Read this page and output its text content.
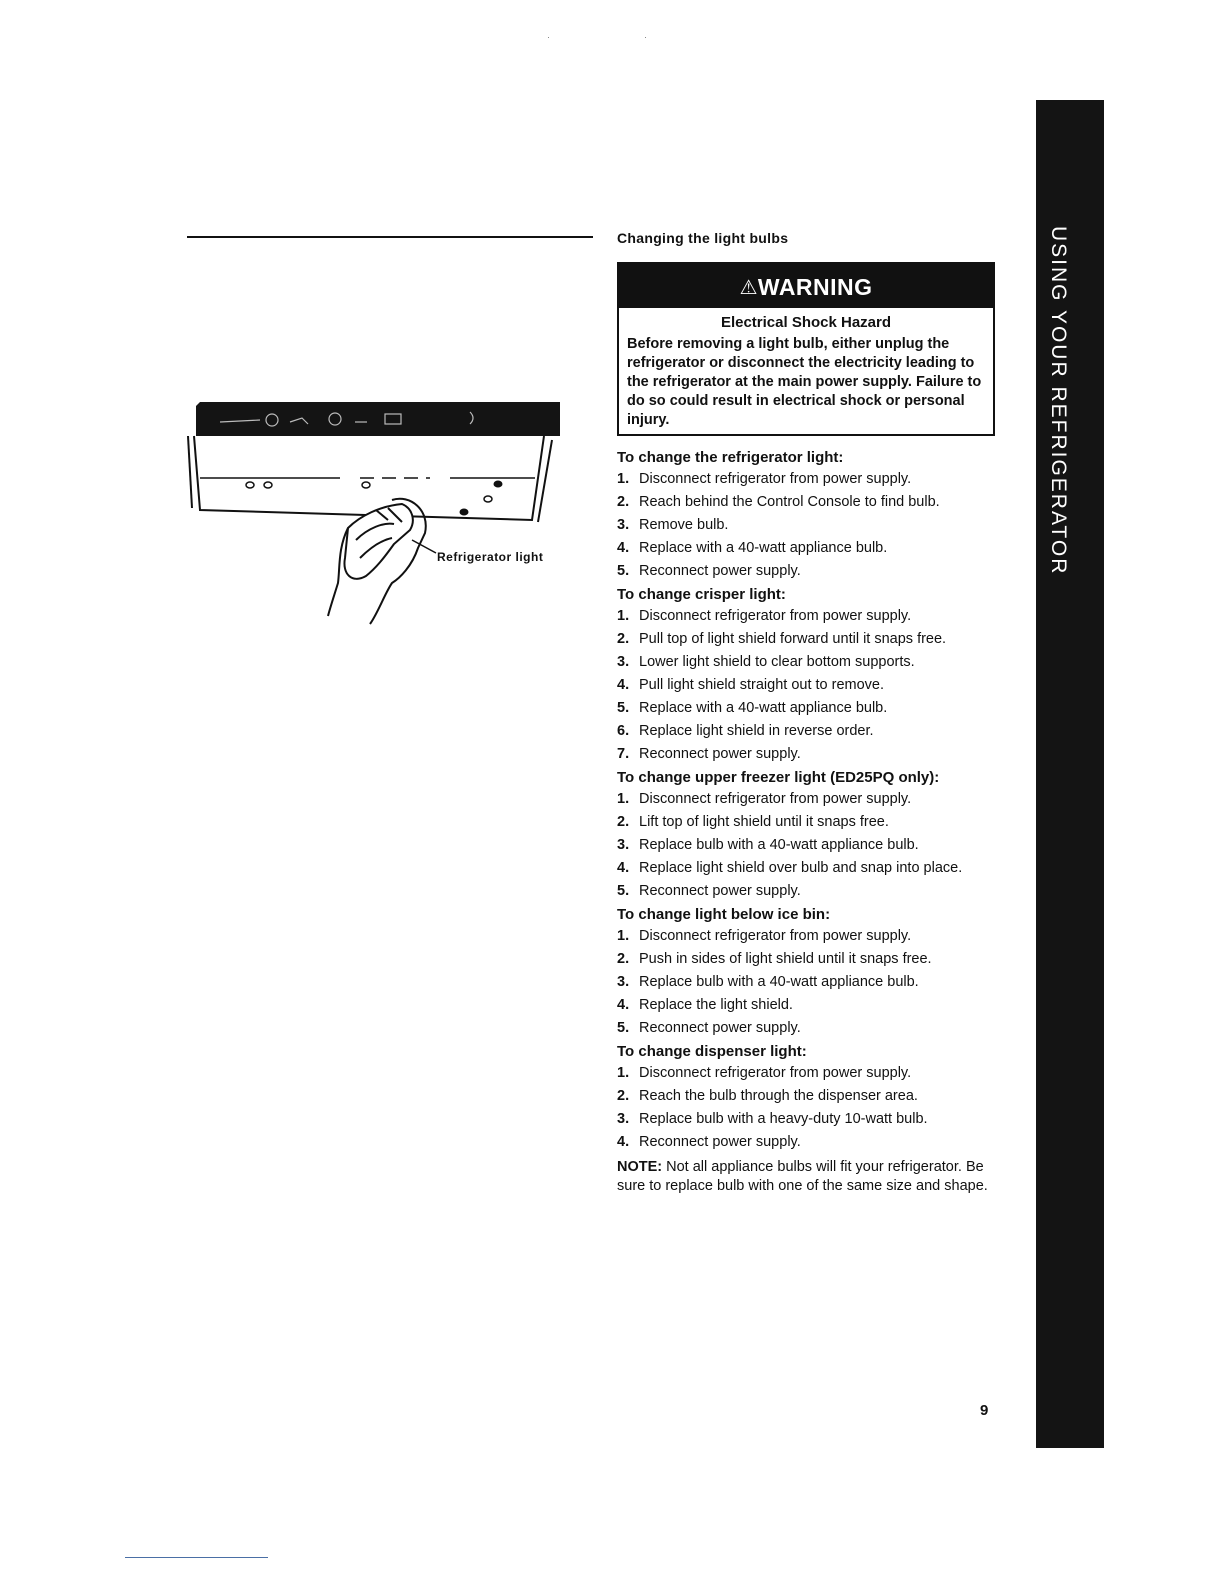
USING YOUR REFRIGERATOR
Refrigerator light
Changing the light bulbs
⚠WARNING
Electrical Shock Hazard
Before removing a light bulb, either unplug the refrigerator or disconnect the electricity leading to the refrigerator at the main power supply. Failure to do so could result in electrical shock or personal injury.
To change the refrigerator light:
1. Disconnect refrigerator from power supply.
2. Reach behind the Control Console to find bulb.
3. Remove bulb.
4. Replace with a 40-watt appliance bulb.
5. Reconnect power supply.
To change crisper light:
1. Disconnect refrigerator from power supply.
2. Pull top of light shield forward until it snaps free.
3. Lower light shield to clear bottom supports.
4. Pull light shield straight out to remove.
5. Replace with a 40-watt appliance bulb.
6. Replace light shield in reverse order.
7. Reconnect power supply.
To change upper freezer light (ED25PQ only):
1. Disconnect refrigerator from power supply.
2. Lift top of light shield until it snaps free.
3. Replace bulb with a 40-watt appliance bulb.
4. Replace light shield over bulb and snap into place.
5. Reconnect power supply.
To change light below ice bin:
1. Disconnect refrigerator from power supply.
2. Push in sides of light shield until it snaps free.
3. Replace bulb with a 40-watt appliance bulb.
4. Replace the light shield.
5. Reconnect power supply.
To change dispenser light:
1. Disconnect refrigerator from power supply.
2. Reach the bulb through the dispenser area.
3. Replace bulb with a heavy-duty 10-watt bulb.
4. Reconnect power supply.
NOTE: Not all appliance bulbs will fit your refrigerator. Be sure to replace bulb with one of the same size and shape.
9
